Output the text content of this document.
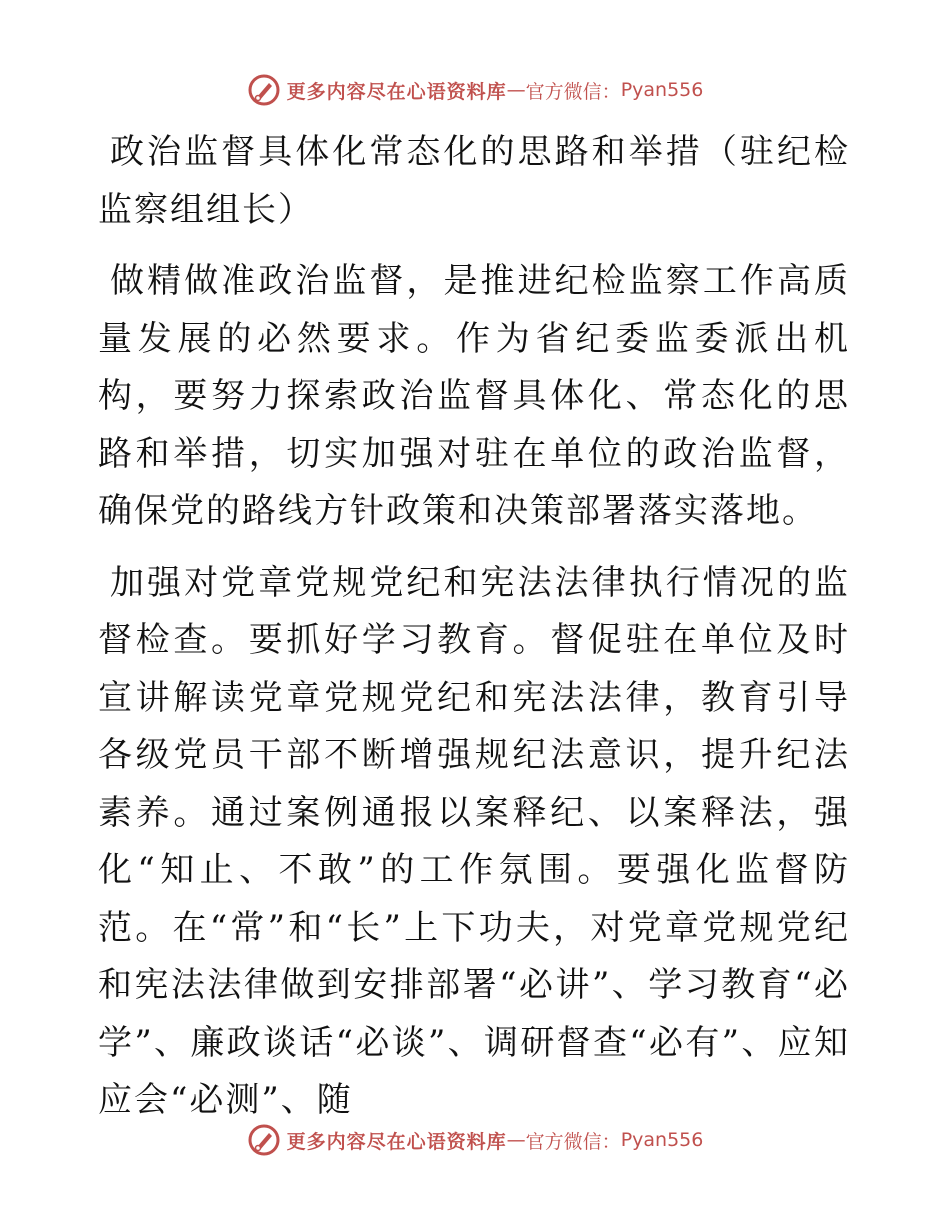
更多内容尽在心语资料库 — 官方微信： Pyan556

政治监督具体化常态化的思路和举措（驻纪检监察组组长）

做精做准政治监督，是推进纪检监察工作高质量发展的必然要求。作为省纪委监委派出机构，要努力探索政治监督具体化、常态化的思路和举措，切实加强对驻在单位的政治监督，确保党的路线方针政策和决策部署落实落地。

加强对党章党规党纪和宪法法律执行情况的监督检查。要抓好学习教育。督促驻在单位及时宣讲解读党章党规党纪和宪法法律，教育引导各级党员干部不断增强规纪法意识，提升纪法素养。通过案例通报以案释纪、以案释法，强化“知止、不敢”的工作氛围。要强化监督防范。在“常”和“长”上下功夫，对党章党规党纪和宪法法律做到安排部署“必讲”、学习教育“必学”、廉政谈话“必谈”、调研督查“必有”、应知应会“必测”、随

更多内容尽在心语资料库 — 官方微信： Pyan556
